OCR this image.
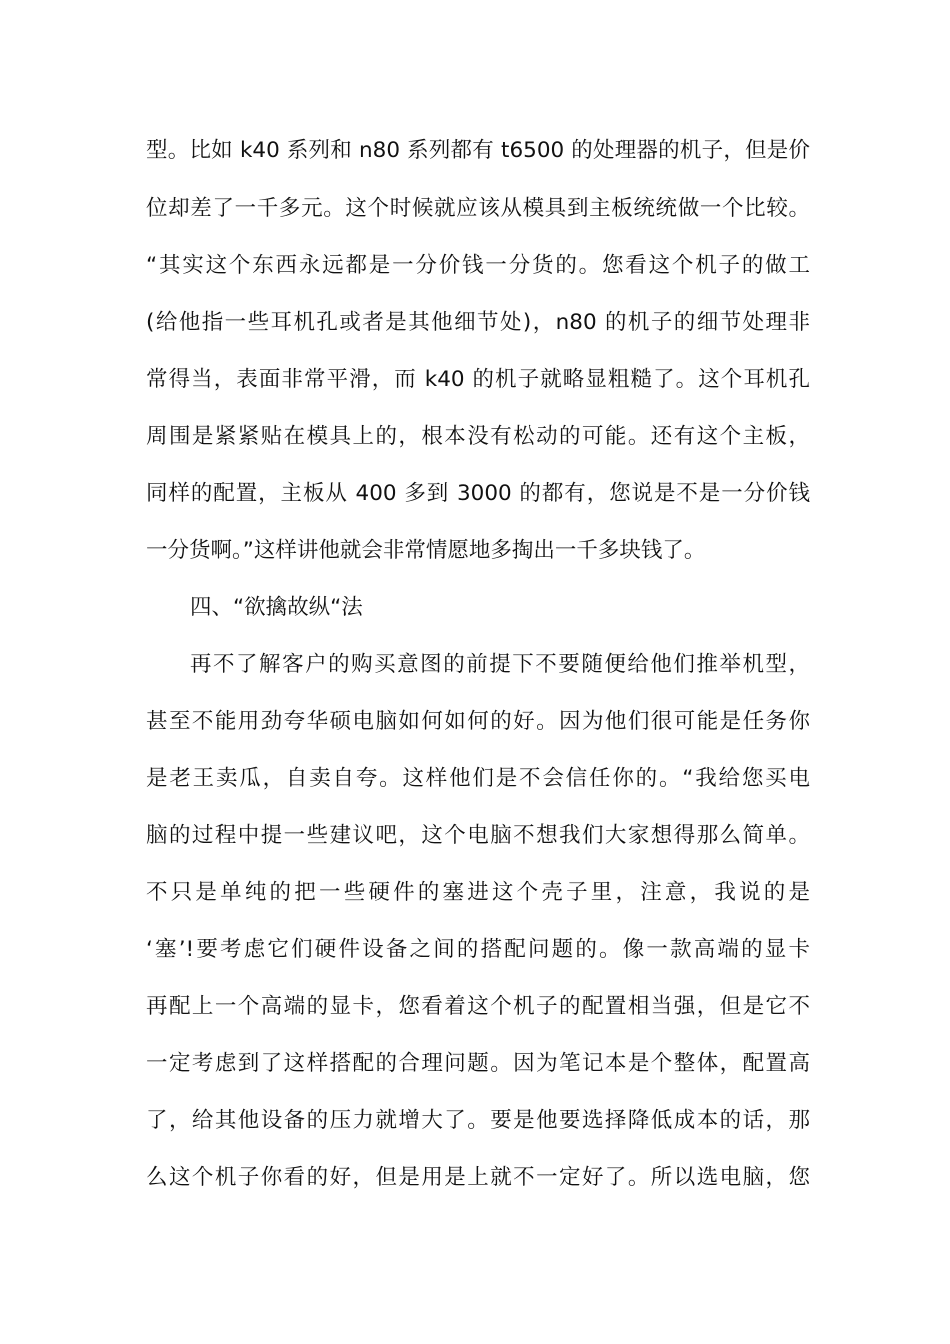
型。比如 k40 系列和 n80 系列都有 t6500 的处理器的机子，但是价
位却差了一千多元。这个时候就应该从模具到主板统统做一个比较。
“其实这个东西永远都是一分价钱一分货的。您看这个机子的做工
(给他指一些耳机孔或者是其他细节处)，n80 的机子的细节处理非
常得当，表面非常平滑，而 k40 的机子就略显粗糙了。这个耳机孔
周围是紧紧贴在模具上的，根本没有松动的可能。还有这个主板，
同样的配置，主板从 400 多到 3000 的都有，您说是不是一分价钱
一分货啊。”这样讲他就会非常情愿地多掏出一千多块钱了。
四、“欲擒故纵“法
再不了解客户的购买意图的前提下不要随便给他们推举机型，
甚至不能用劲夸华硕电脑如何如何的好。因为他们很可能是任务你
是老王卖瓜，自卖自夸。这样他们是不会信任你的。“我给您买电
脑的过程中提一些建议吧，这个电脑不想我们大家想得那么简单。
不只是单纯的把一些硬件的塞进这个壳子里，注意，我说的是
‘塞’!要考虑它们硬件设备之间的搭配问题的。像一款高端的显卡
再配上一个高端的显卡，您看着这个机子的配置相当强，但是它不
一定考虑到了这样搭配的合理问题。因为笔记本是个整体，配置高
了，给其他设备的压力就增大了。要是他要选择降低成本的话，那
么这个机子你看的好，但是用是上就不一定好了。所以选电脑，您
